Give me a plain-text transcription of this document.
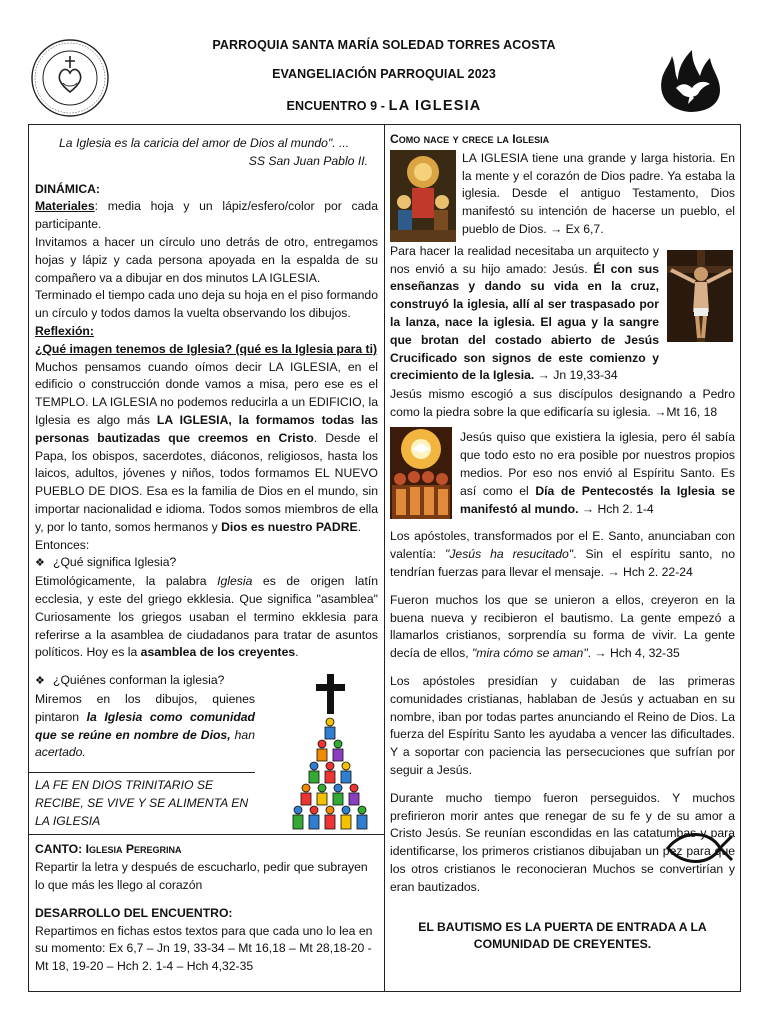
PARROQUIA SANTA MARÍA SOLEDAD TORRES ACOSTA
EVANGELIACIÓN PARROQUIAL 2023
ENCUENTRO 9 - LA IGLESIA

La Iglesia es la caricia del amor de Dios al mundo". ...

SS San Juan Pablo II.

DINÁMICA:

Materiales: media hoja y un lápiz/esfero/color por cada participante.

Invitamos a hacer un círculo uno detrás de otro, entregamos hojas y lápiz y cada persona apoyada en la espalda de su compañero va a dibujar en dos minutos LA IGLESIA.

Terminado el tiempo cada uno deja su hoja en el piso formando un círculo y todos damos la vuelta observando los dibujos.

Reflexión:

¿Qué imagen tenemos de Iglesia? (qué es la Iglesia para ti)

Muchos pensamos cuando oímos decir LA IGLESIA, en el edificio o construcción donde vamos a misa, pero ese es el TEMPLO. LA IGLESIA no podemos reducirla a un EDIFICIO, la Iglesia es algo más LA IGLESIA, la formamos todas las personas bautizadas que creemos en Cristo. Desde el Papa, los obispos, sacerdotes, diáconos, religiosos, hasta los laicos, adultos, jóvenes y niños, todos formamos EL NUEVO PUEBLO DE DIOS. Esa es la familia de Dios en el mundo, sin importar nacionalidad e idioma. Todos somos miembros de ella y, por lo tanto, somos hermanos y Dios es nuestro PADRE.

Entonces:

❖ ¿Qué significa Iglesia?

Etimológicamente, la palabra Iglesia es de origen latín ecclesia, y este del griego ekklesia. Que significa "asamblea" Curiosamente los griegos usaban el termino ekklesia para referirse a la asamblea de ciudadanos para tratar de asuntos políticos. Hoy es la asamblea de los creyentes.

❖ ¿Quiénes conforman la iglesia?

Miremos en los dibujos, quienes pintaron la Iglesia como comunidad que se reúne en nombre de Dios, han acertado.

LA FE EN DIOS TRINITARIO SE RECIBE, SE VIVE Y SE ALIMENTA EN LA IGLESIA

CANTO: Iglesia Peregrina

Repartir la letra y después de escucharlo, pedir que subrayen lo que más les llego al corazón

DESARROLLO DEL ENCUENTRO:

Repartimos en fichas estos textos para que cada uno lo lea en su momento: Ex 6,7 – Jn 19, 33-34 – Mt 16,18 – Mt 28,18-20 - Mt 18, 19-20 – Hch 2. 1-4 – Hch 4,32-35

Como nace y crece la Iglesia

LA IGLESIA tiene una grande y larga historia. En la mente y el corazón de Dios padre. Ya estaba la iglesia. Desde el antiguo Testamento, Dios manifestó su intención de hacerse un pueblo, el pueblo de Dios. → Ex 6,7.

Para hacer la realidad necesitaba un arquitecto y nos envió a su hijo amado: Jesús. Él con sus enseñanzas y dando su vida en la cruz, construyó la iglesia, allí al ser traspasado por la lanza, nace la iglesia. El agua y la sangre que brotan del costado abierto de Jesús Crucificado son signos de este comienzo y crecimiento de la Iglesia. → Jn 19,33-34

Jesús mismo escogió a sus discípulos designando a Pedro como la piedra sobre la que edificaría su iglesia. →Mt 16, 18

Jesús quiso que existiera la iglesia, pero él sabía que todo esto no era posible por nuestros propios medios. Por eso nos envió al Espíritu Santo. Es así como el Día de Pentecostés la Iglesia se manifestó al mundo. → Hch 2. 1-4

Los apóstoles, transformados por el E. Santo, anunciaban con valentía: "Jesús ha resucitado". Sin el espíritu santo, no tendrían fuerzas para llevar el mensaje. → Hch 2. 22-24

Fueron muchos los que se unieron a ellos, creyeron en la buena nueva y recibieron el bautismo. La gente empezó a llamarlos cristianos, sorprendía su forma de vivir. La gente decía de ellos, "mira cómo se aman". → Hch 4, 32-35

Los apóstoles presidían y cuidaban de las primeras comunidades cristianas, hablaban de Jesús y actuaban en su nombre, iban por todas partes anunciando el Reino de Dios. La fuerza del Espíritu Santo les ayudaba a vencer las dificultades. Y a soportar con paciencia las persecuciones que sufrían por seguir a Jesús.

Durante mucho tiempo fueron perseguidos. Y muchos prefirieron morir antes que renegar de su fe y de su amor a Cristo Jesús. Se reunían escondidas en las catatumbas y para identificarse, los primeros cristianos dibujaban un pez para que los otros cristianos le reconocieran Muchos se convertirían y eran bautizados.

EL BAUTISMO ES LA PUERTA DE ENTRADA A LA

COMUNIDAD DE CREYENTES.
